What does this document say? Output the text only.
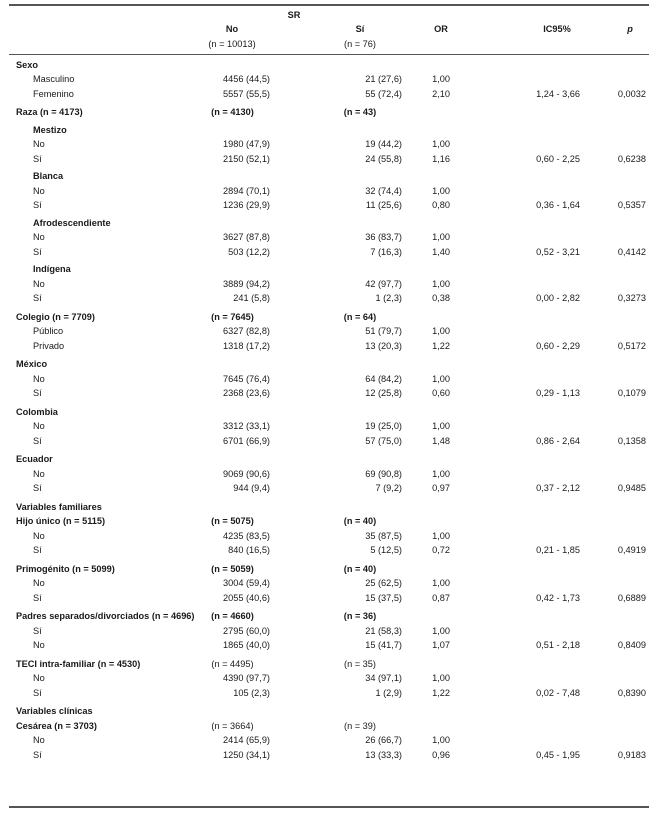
SR
No	Sí	OR	IC95%	p
(n = 10013)	(n = 76)
Sexo
Masculino	4456 (44,5)	21 (27,6)	1,00
Femenino	5557 (55,5)	55 (72,4)	2,10	1,24 - 3,66	0,0032
Raza (n = 4173)	(n = 4130)	(n = 43)
Mestizo
No	1980 (47,9)	19 (44,2)	1,00
Sí	2150 (52,1)	24 (55,8)	1,16	0,60 - 2,25	0,6238
Blanca
No	2894 (70,1)	32 (74,4)	1,00
Sí	1236 (29,9)	11 (25,6)	0,80	0,36 - 1,64	0,5357
Afrodescendiente
No	3627 (87,8)	36 (83,7)	1,00
Sí	503 (12,2)	7 (16,3)	1,40	0,52 - 3,21	0,4142
Indígena
No	3889 (94,2)	42 (97,7)	1,00
Sí	241 (5,8)	1 (2,3)	0,38	0,00 - 2,82	0,3273
Colegio (n = 7709)	(n = 7645)	(n = 64)
Público	6327 (82,8)	51 (79,7)	1,00
Privado	1318 (17,2)	13 (20,3)	1,22	0,60 - 2,29	0,5172
México
No	7645 (76,4)	64 (84,2)	1,00
Sí	2368 (23,6)	12 (25,8)	0,60	0,29 - 1,13	0,1079
Colombia
No	3312 (33,1)	19 (25,0)	1,00
Sí	6701 (66,9)	57 (75,0)	1,48	0,86 - 2,64	0,1358
Ecuador
No	9069 (90,6)	69 (90,8)	1,00
Sí	944 (9,4)	7 (9,2)	0,97	0,37 - 2,12	0,9485
Variables familiares
Hijo único (n = 5115)	(n = 5075)	(n = 40)
No	4235 (83,5)	35 (87,5)	1,00
Sí	840 (16,5)	5 (12,5)	0,72	0,21 - 1,85	0,4919
Primogénito (n = 5099)	(n = 5059)	(n = 40)
No	3004 (59,4)	25 (62,5)	1,00
Sí	2055 (40,6)	15 (37,5)	0,87	0,42 - 1,73	0,6889
Padres separados/divorciados (n = 4696)	(n = 4660)	(n = 36)
Sí	2795 (60,0)	21 (58,3)	1,00
No	1865 (40,0)	15 (41,7)	1,07	0,51 - 2,18	0,8409
TECI intra-familiar (n = 4530)	(n = 4495)	(n = 35)
No	4390 (97,7)	34 (97,1)	1,00
Sí	105 (2,3)	1 (2,9)	1,22	0,02 - 7,48	0,8390
Variables clínicas
Cesárea (n = 3703)	(n = 3664)	(n = 39)
No	2414 (65,9)	26 (66,7)	1,00
Sí	1250 (34,1)	13 (33,3)	0,96	0,45 - 1,95	0,9183
